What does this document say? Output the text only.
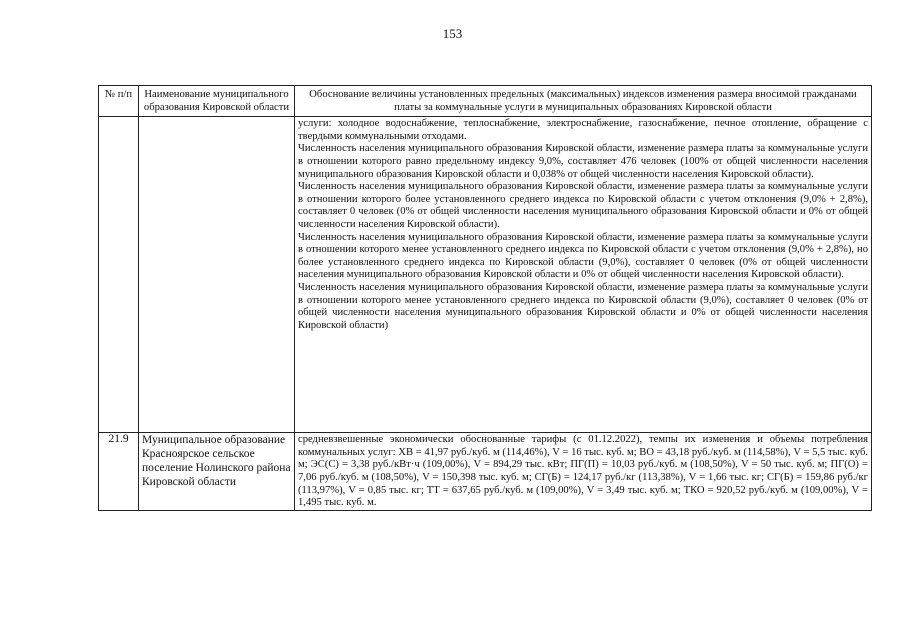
153
№ п/п	Наименование муниципального образования Кировской области	Обоснование величины установленных предельных (максимальных) индексов изменения размера вносимой гражданами платы за коммунальные услуги в муниципальных образованиях Кировской области

		услуги: холодное водоснабжение, теплоснабжение, электроснабжение, газоснабжение, печное отопление, обращение с твердыми коммунальными отходами.

Численность населения муниципального образования Кировской области, изменение размера платы за коммунальные услуги в отношении которого равно предельному индексу 9,0%, составляет 476 человек (100% от общей численности населения муниципального образования Кировской области и 0,038% от общей численности населения Кировской области).

Численность населения муниципального образования Кировской области, изменение размера платы за коммунальные услуги в отношении которого более установленного среднего индекса по Кировской области с учетом отклонения (9,0% + 2,8%), составляет 0 человек (0% от общей численности населения муниципального образования Кировской области и 0% от общей численности населения Кировской области).

Численность населения муниципального образования Кировской области, изменение размера платы за коммунальные услуги в отношении которого менее установленного среднего индекса по Кировской области с учетом отклонения (9,0% + 2,8%), но более установленного среднего индекса по Кировской области (9,0%), составляет 0 человек (0% от общей численности населения муниципального образования Кировской области и 0% от общей численности населения Кировской области).

Численность населения муниципального образования Кировской области, изменение размера платы за коммунальные услуги в отношении которого менее установленного среднего индекса по Кировской области (9,0%), составляет 0 человек (0% от общей численности населения муниципального образования Кировской области и 0% от общей численности населения Кировской области)

21.9	Муниципальное образование Красноярское сельское поселение Нолинского района Кировской области	средневзвешенные экономически обоснованные тарифы (с 01.12.2022), темпы их изменения и объемы потребления коммунальных услуг: ХВ = 41,97 руб./куб. м (114,46%), V = 16 тыс. куб. м; ВО = 43,18 руб./куб. м (114,58%), V = 5,5 тыс. куб. м; ЭС(С) = 3,38 руб./кВт·ч (109,00%), V = 894,29 тыс. кВт; ПГ(П) = 10,03 руб./куб. м (108,50%), V = 50 тыс. куб. м; ПГ(О) = 7,06 руб./куб. м (108,50%), V = 150,398 тыс. куб. м; СГ(Б) = 124,17 руб./кг (113,38%), V = 1,66 тыс. кг; СГ(Б) = 159,86 руб./кг (113,97%), V = 0,85 тыс. кг; ТТ = 637,65 руб./куб. м (109,00%), V = 3,49 тыс. куб. м; ТКО = 920,52 руб./куб. м (109,00%), V = 1,495 тыс. куб. м.
